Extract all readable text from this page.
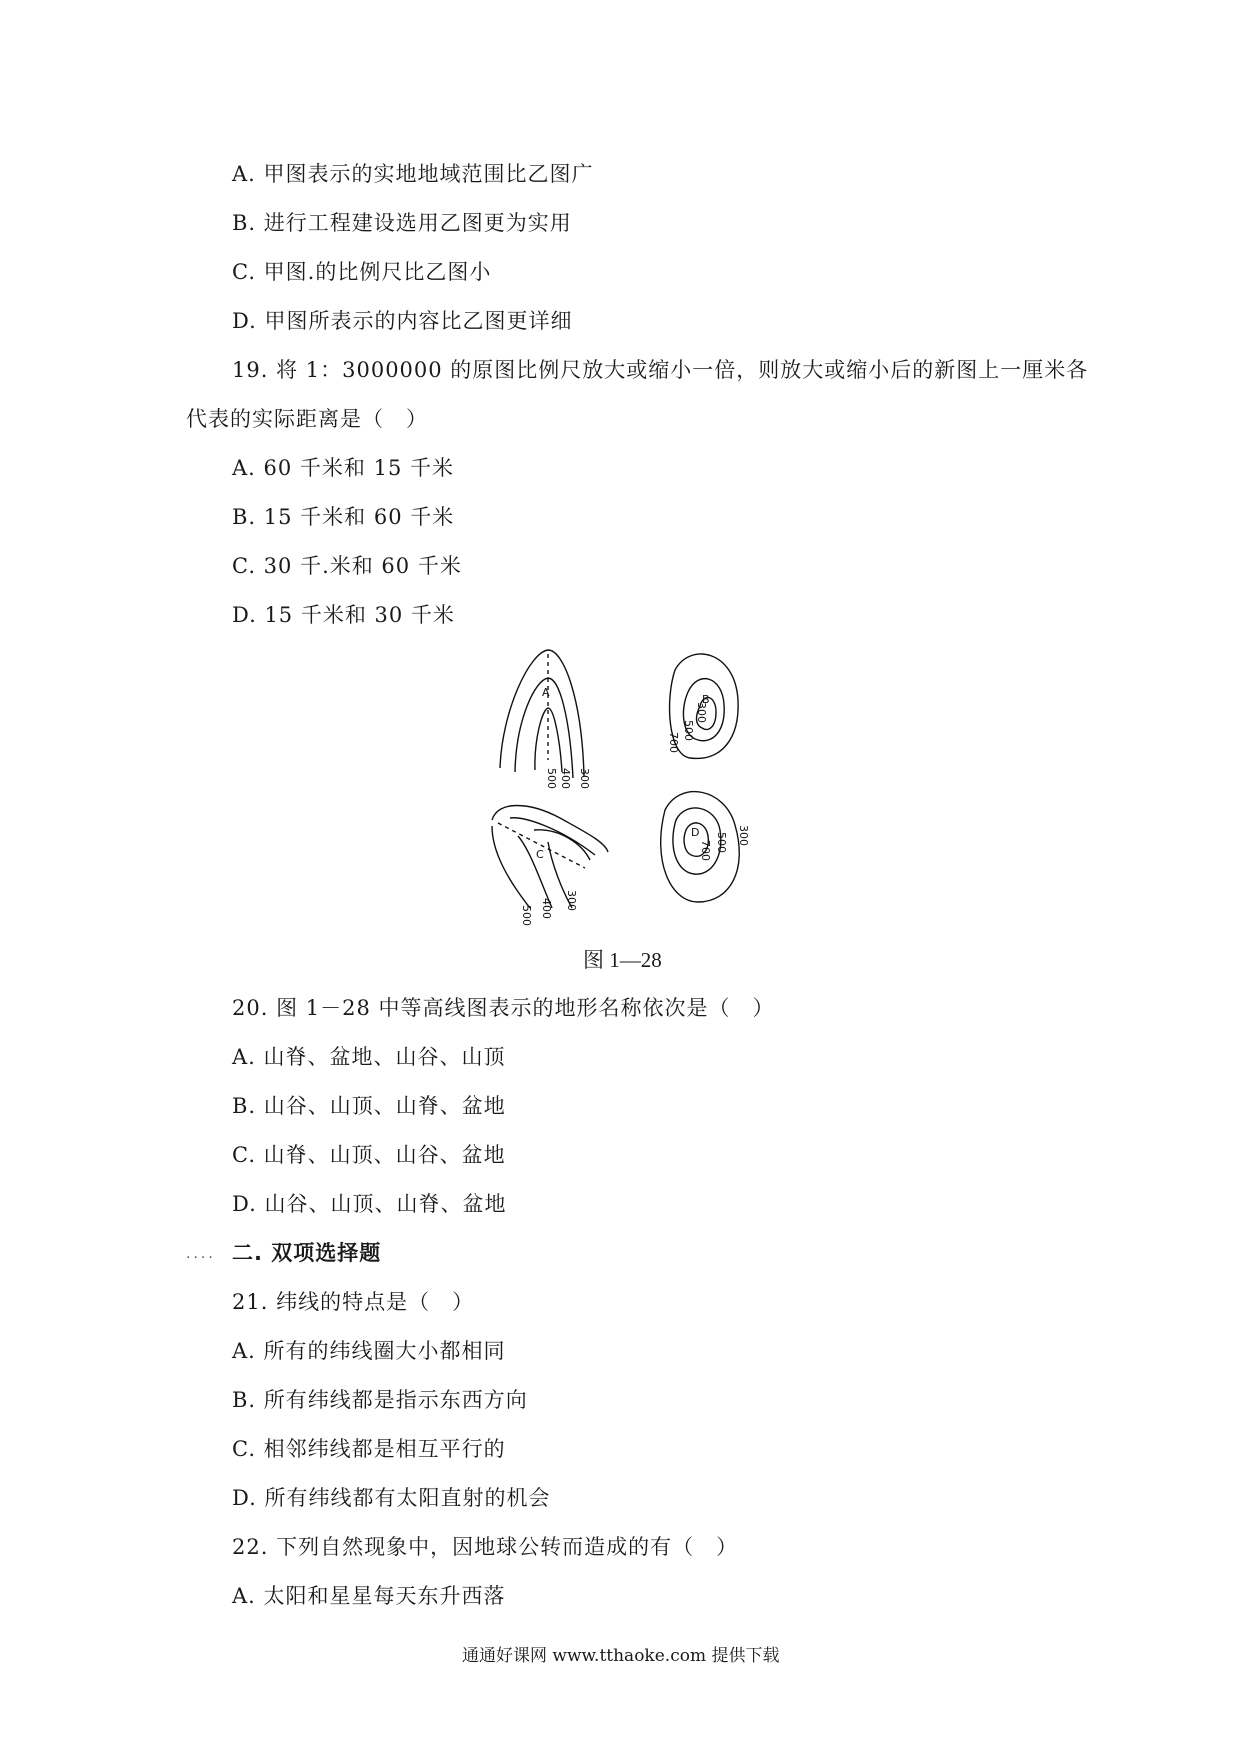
A. 甲图表示的实地地域范围比乙图广
B. 进行工程建设选用乙图更为实用
C. 甲图.的比例尺比乙图小
D. 甲图所表示的内容比乙图更详细
19. 将 1：3000000 的原图比例尺放大或缩小一倍，则放大或缩小后的新图上一厘米各
代表的实际距离是（　）
A. 60 千米和 15 千米
B. 15 千米和 60 千米
C. 30 千.米和 60 千米
D. 15 千米和 30 千米
A
500 400 300
B
300
500
700
C
500 400 300
D
700 500 300
图 1—28
20. 图 1－28 中等高线图表示的地形名称依次是（　）
A. 山脊、盆地、山谷、山顶
B. 山谷、山顶、山脊、盆地
C. 山脊、山顶、山谷、盆地
D. 山谷、山顶、山脊、盆地
.... 二. 双项选择题
21. 纬线的特点是（　）
A. 所有的纬线圈大小都相同
B. 所有纬线都是指示东西方向
C. 相邻纬线都是相互平行的
D. 所有纬线都有太阳直射的机会
22. 下列自然现象中，因地球公转而造成的有（　）
A. 太阳和星星每天东升西落
通通好课网 www.tthaoke.com 提供下载
